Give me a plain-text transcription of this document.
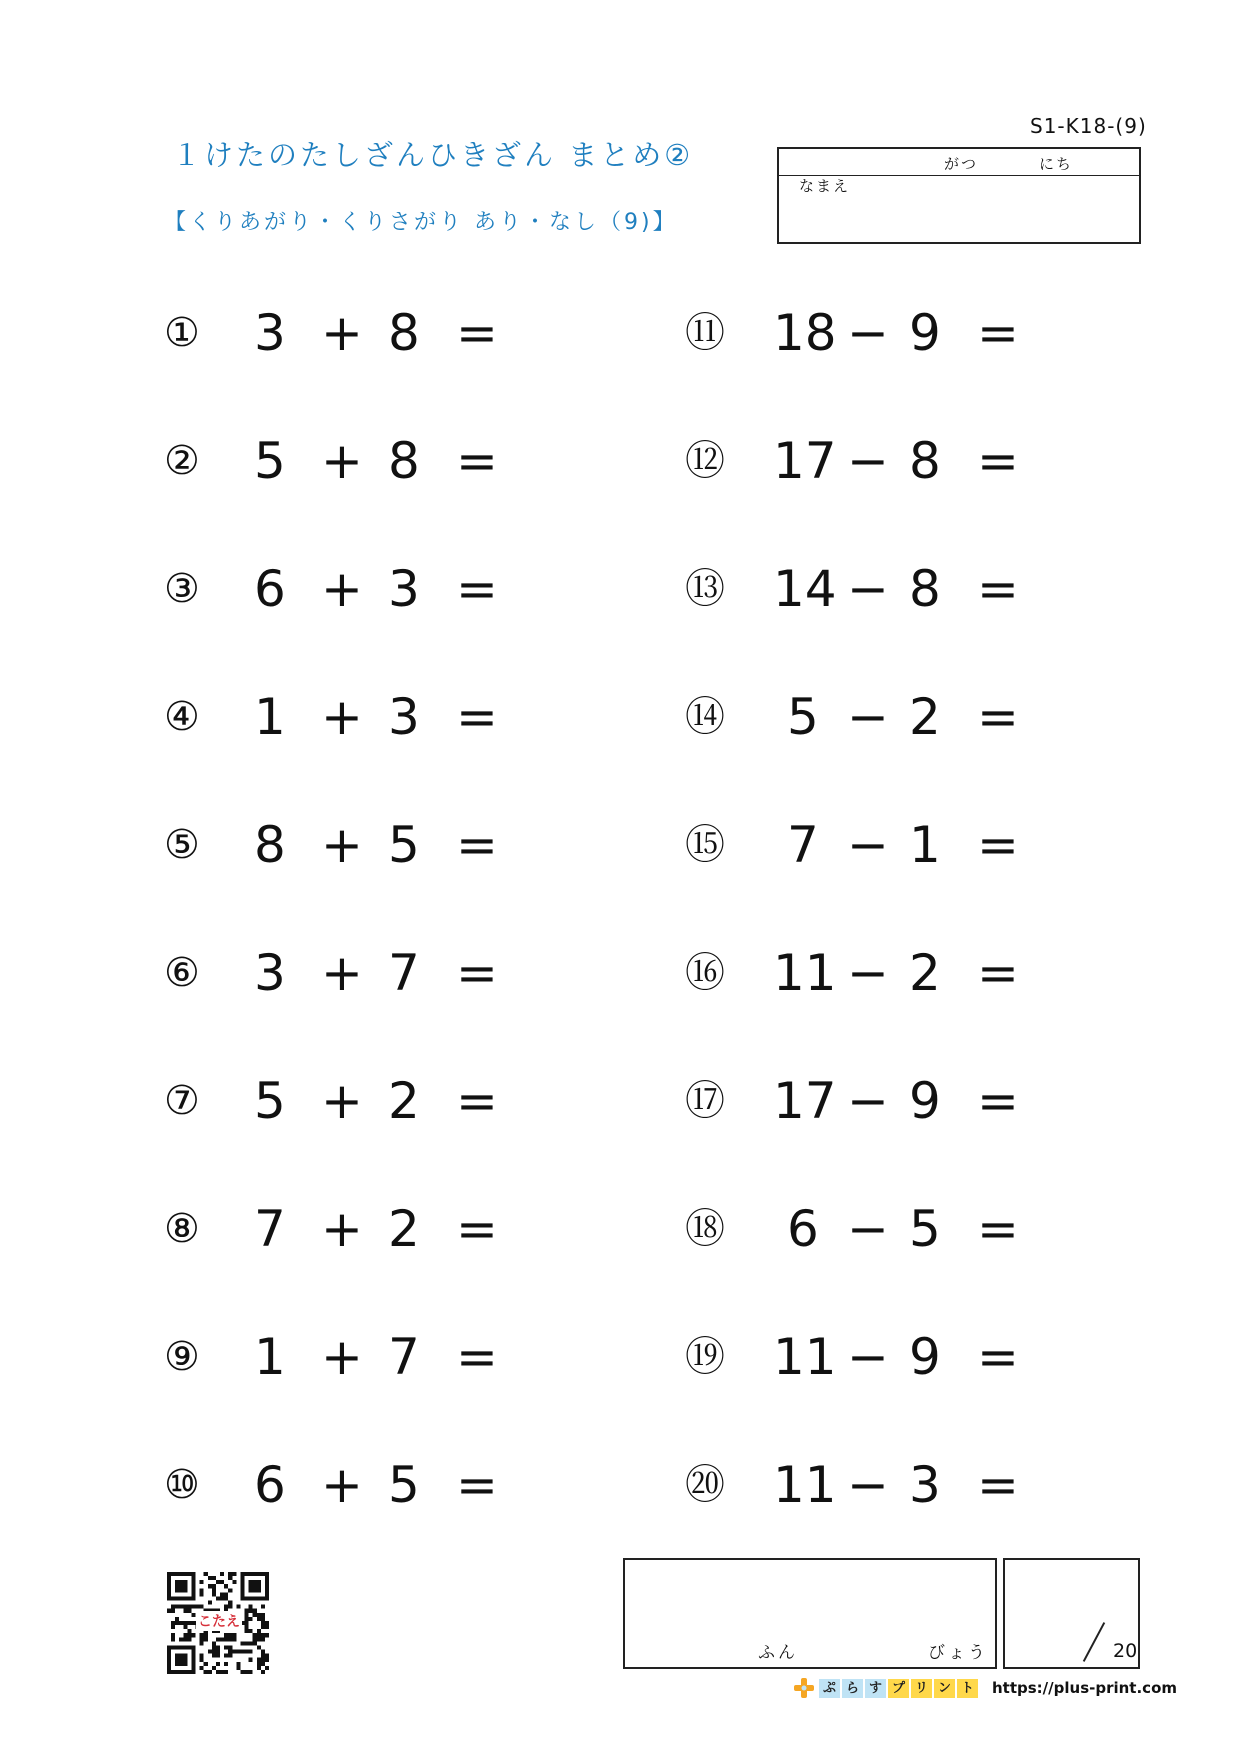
S1-K18-(9)
１けたのたしざんひきざん まとめ②
【くりあがり・くりさがり あり・なし（9)】
がつ	にち
なまえ
① 3 + 8 =
② 5 + 8 =
③ 6 + 3 =
④ 1 + 3 =
⑤ 8 + 5 =
⑥ 3 + 7 =
⑦ 5 + 2 =
⑧ 7 + 2 =
⑨ 1 + 7 =
⑩ 6 + 5 =
⑪ 18 − 9 =
⑫ 17 − 8 =
⑬ 14 − 8 =
⑭ 5 − 2 =
⑮ 7 − 1 =
⑯ 11 − 2 =
⑰ 17 − 9 =
⑱ 6 − 5 =
⑲ 11 − 9 =
⑳ 11 − 3 =
ふん	びょう	20
こたえ
ぷ ら す プ リ ン ト https://plus-print.com
